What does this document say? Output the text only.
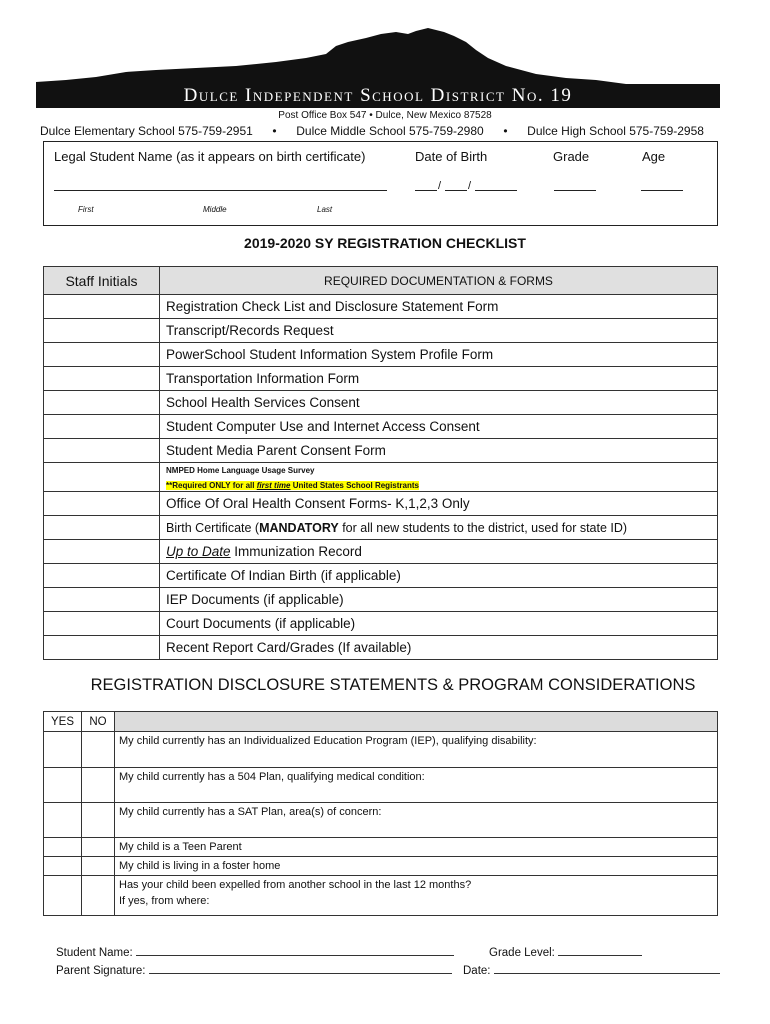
Dulce Independent School District No. 19
Post Office Box 547 • Dulce, New Mexico 87528
Dulce Elementary School 575-759-2951 • Dulce Middle School 575-759-2980 • Dulce High School 575-759-2958
Legal Student Name (as it appears on birth certificate)	Date of Birth	Grade	Age
/ /
First	Middle	Last
2019-2020 SY REGISTRATION CHECKLIST
Staff Initials	REQUIRED DOCUMENTATION & FORMS
	Registration Check List and Disclosure Statement Form
	Transcript/Records Request
	PowerSchool Student Information System Profile Form
	Transportation Information Form
	School Health Services Consent
	Student Computer Use and Internet Access Consent
	Student Media Parent Consent Form

	NMPED Home Language Usage Survey
**Required ONLY for all first time United States School Registrants

	Office Of Oral Health Consent Forms- K,1,2,3 Only
	Birth Certificate (MANDATORY for all new students to the district, used for state ID)
	Up to Date Immunization Record
	Certificate Of Indian Birth (if applicable)
	IEP Documents (if applicable)
	Court Documents (if applicable)
	Recent Report Card/Grades (If available)
REGISTRATION DISCLOSURE STATEMENTS & PROGRAM CONSIDERATIONS
YES	NO	
		My child currently has an Individualized Education Program (IEP), qualifying disability:
		My child currently has a 504 Plan, qualifying medical condition:
		My child currently has a SAT Plan, area(s) of concern:
		My child is a Teen Parent
		My child is living in a foster home

		Has your child been expelled from another school in the last 12 months?
If yes, from where:
Student Name:	Grade Level:
Parent Signature:	Date:
